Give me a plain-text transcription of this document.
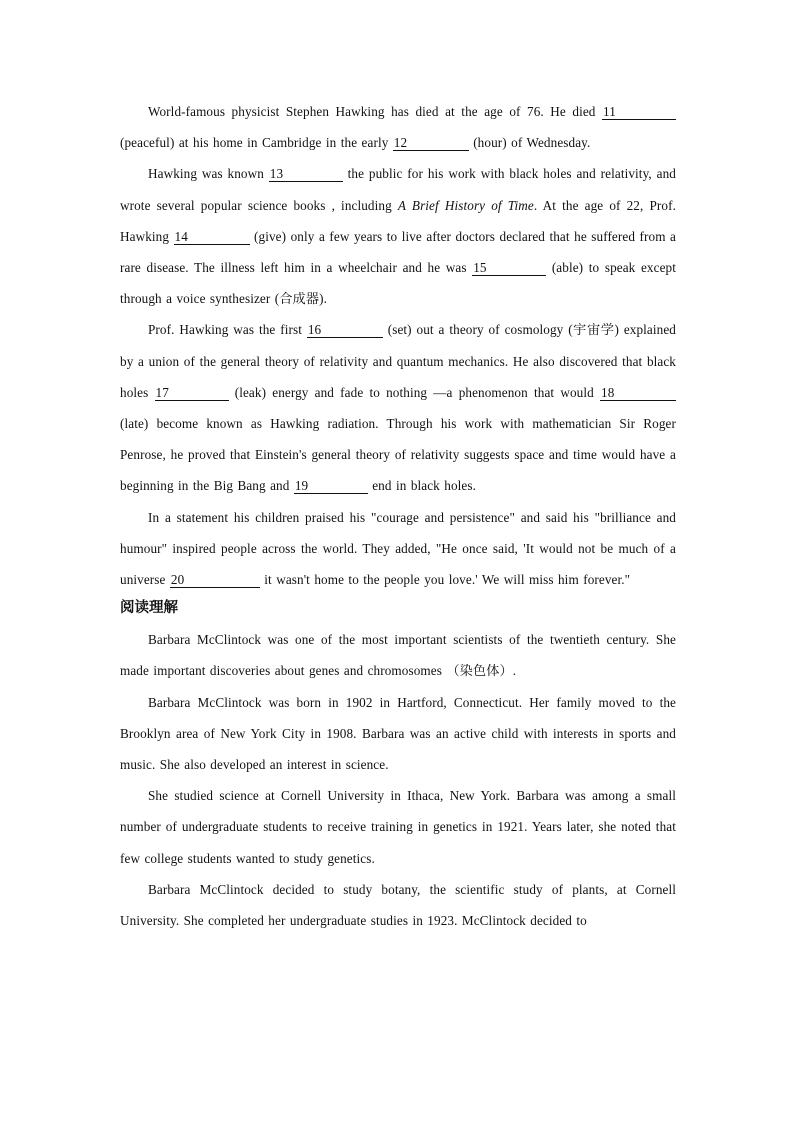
World-famous physicist Stephen Hawking has died at the age of 76. He died 11 (peaceful) at his home in Cambridge in the early 12	(hour) of Wednesday.

Hawking was known 13	the public for his work with black holes and relativity, and wrote several popular science books , including A Brief History of Time. At the age of 22, Prof. Hawking 14	(give) only a few years to live after doctors declared that he suffered from a rare disease. The illness left him in a wheelchair and he was 15	(able) to speak except through a voice synthesizer (合成器).

Prof. Hawking was the first 16	(set) out a theory of cosmology (宇宙学) explained by a union of the general theory of relativity and quantum mechanics. He also discovered that black holes 17	(leak) energy and fade to nothing —a phenomenon that would 18 (late) become known as Hawking radiation. Through his work with mathematician Sir Roger Penrose, he proved that Einstein's general theory of relativity suggests space and time would have a beginning in the Big Bang and 19	end in black holes.

In a statement his children praised his "courage and persistence" and said his "brilliance and humour" inspired people across the world. They added, "He once said, 'It would not be much of a universe 20	it wasn't home to the people you love.' We will miss him forever."

阅读理解

Barbara McClintock was one of the most important scientists of the twentieth century. She made important discoveries about genes and chromosomes （染色体）.

Barbara McClintock was born in 1902 in Hartford, Connecticut. Her family moved to the Brooklyn area of New York City in 1908. Barbara was an active child with interests in sports and music. She also developed an interest in science.

She studied science at Cornell University in Ithaca, New York. Barbara was among a small number of undergraduate students to receive training in genetics in 1921. Years later, she noted that few college students wanted to study genetics.

Barbara McClintock decided to study botany, the scientific study of plants, at Cornell University. She completed her undergraduate studies in 1923. McClintock decided to
